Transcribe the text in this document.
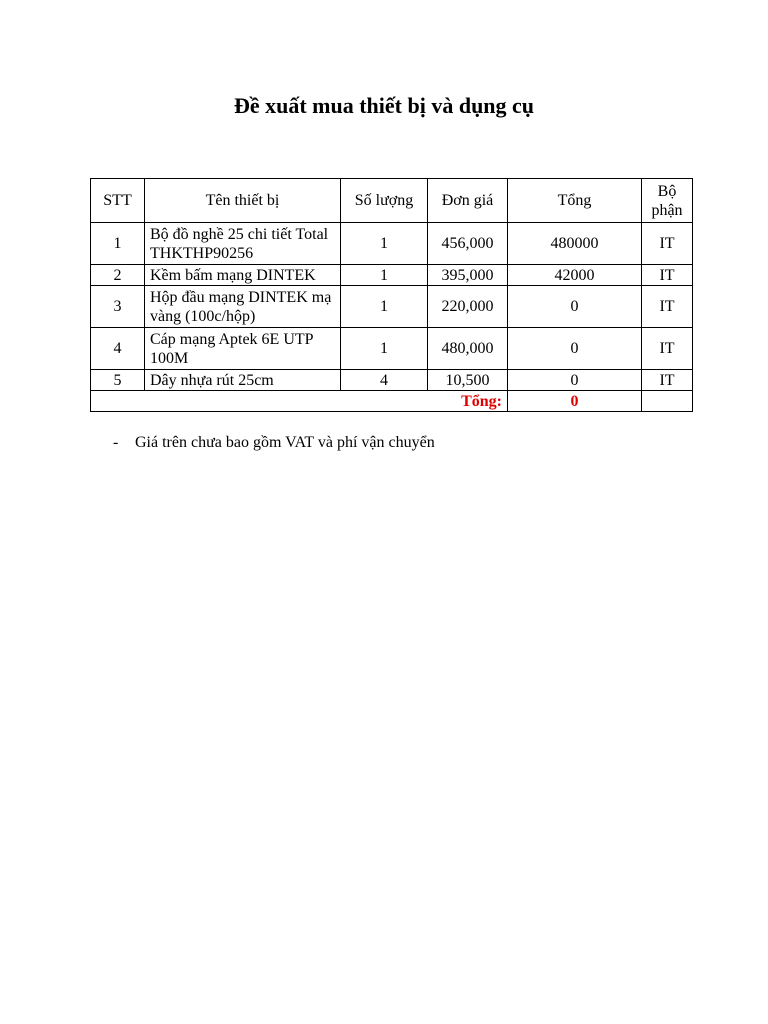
Đề xuất mua thiết bị và dụng cụ
STT	Tên thiết bị	Số lượng	Đơn giá	Tổng	Bộ phận
1	Bộ đồ nghề 25 chi tiết Total THKTHP90256	1	456,000	480000	IT
2	Kềm bấm mạng DINTEK	1	395,000	42000	IT
3	Hộp đầu mạng DINTEK mạ vàng (100c/hộp)	1	220,000	0	IT
4	Cáp mạng Aptek 6E UTP 100M	1	480,000	0	IT
5	Dây nhựa rút 25cm	4	10,500	0	IT
Tổng:				0	
- Giá trên chưa bao gồm VAT và phí vận chuyển
